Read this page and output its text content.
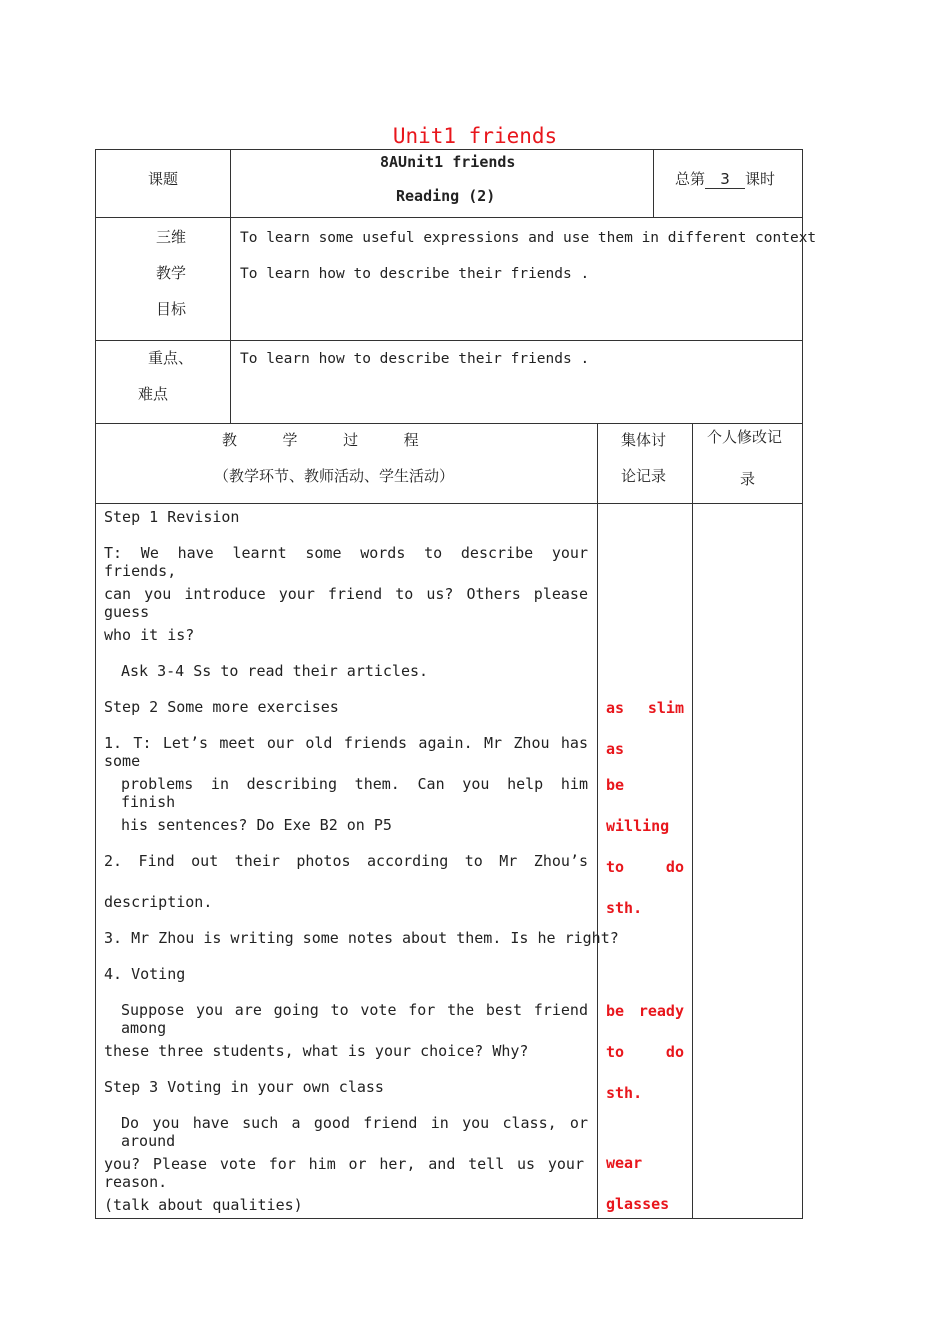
Unit1 friends
课题
8AUnit1 friends
Reading (2)
总第 3 课时
三维
教学
目标
To learn some useful expressions and use them in different context
To learn how to describe their friends .
重点、
难点
To learn how to describe their friends .
教  学  过  程
（教学环节、教师活动、学生活动）
集体讨
论记录
个人修改记
录
Step 1 Revision
T: We have learnt some words to describe your friends,
can you introduce your friend to us? Others please guess
who it is?
Ask 3-4 Ss to read their articles.
Step 2 Some more exercises
1. T: Let’s meet our old friends again. Mr Zhou has some
problems in describing them. Can you help him finish
his sentences? Do Exe B2 on P5
2. Find out their photos according to Mr Zhou’s
description.
3. Mr Zhou is writing some notes about them. Is he right?
4. Voting
Suppose you are going to vote for the best friend among
these three students, what is your choice? Why?
Step 3 Voting in your own class
Do you have such a good friend in you class, or around
you? Please vote for him or her, and tell us your reason.
(talk about qualities)
as slim
as
be
willing
to do
sth.
be ready
to do
sth.
wear
glasses
